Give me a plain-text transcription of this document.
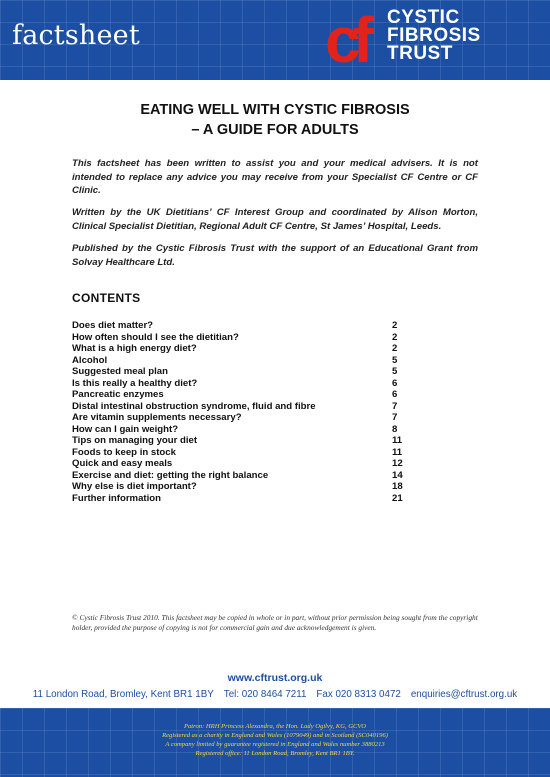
factsheet	cf	CYSTIC
FIBROSIS
TRUST
EATING WELL WITH CYSTIC FIBROSIS
– A GUIDE FOR ADULTS

This factsheet has been written to assist you and your medical advisers. It is not intended to replace any advice you may receive from your Specialist CF Centre or CF Clinic.

Written by the UK Dietitians’ CF Interest Group and coordinated by Alison Morton, Clinical Specialist Dietitian, Regional Adult CF Centre, St James’ Hospital, Leeds.

Published by the Cystic Fibrosis Trust with the support of an Educational Grant from Solvay Healthcare Ltd.

CONTENTS
Does diet matter?	2
How often should I see the dietitian?	2
What is a high energy diet?	2
Alcohol	5
Suggested meal plan	5
Is this really a healthy diet?	6
Pancreatic enzymes	6
Distal intestinal obstruction syndrome, fluid and fibre	7
Are vitamin supplements necessary?	7
How can I gain weight?	8
Tips on managing your diet	11
Foods to keep in stock	11
Quick and easy meals	12
Exercise and diet: getting the right balance	14
Why else is diet important?	18
Further information	21

© Cystic Fibrosis Trust 2010. This factsheet may be copied in whole or in part, without prior permission being sought from the copyright holder, provided the purpose of copying is not for commercial gain and due acknowledgement is given.

www.cftrust.org.uk
11 London Road, Bromley, Kent BR1 1BY Tel: 020 8464 7211 Fax 020 8313 0472 enquiries@cftrust.org.uk
Patron: HRH Princess Alexandra, the Hon. Lady Ogilvy, KG, GCVO
Registered as a charity in England and Wales (1079049) and in Scotland (SC040196)
A company limited by guarantee registered in England and Wales number 3880213
Registered office: 11 London Road, Bromley, Kent BR1 1BY.
